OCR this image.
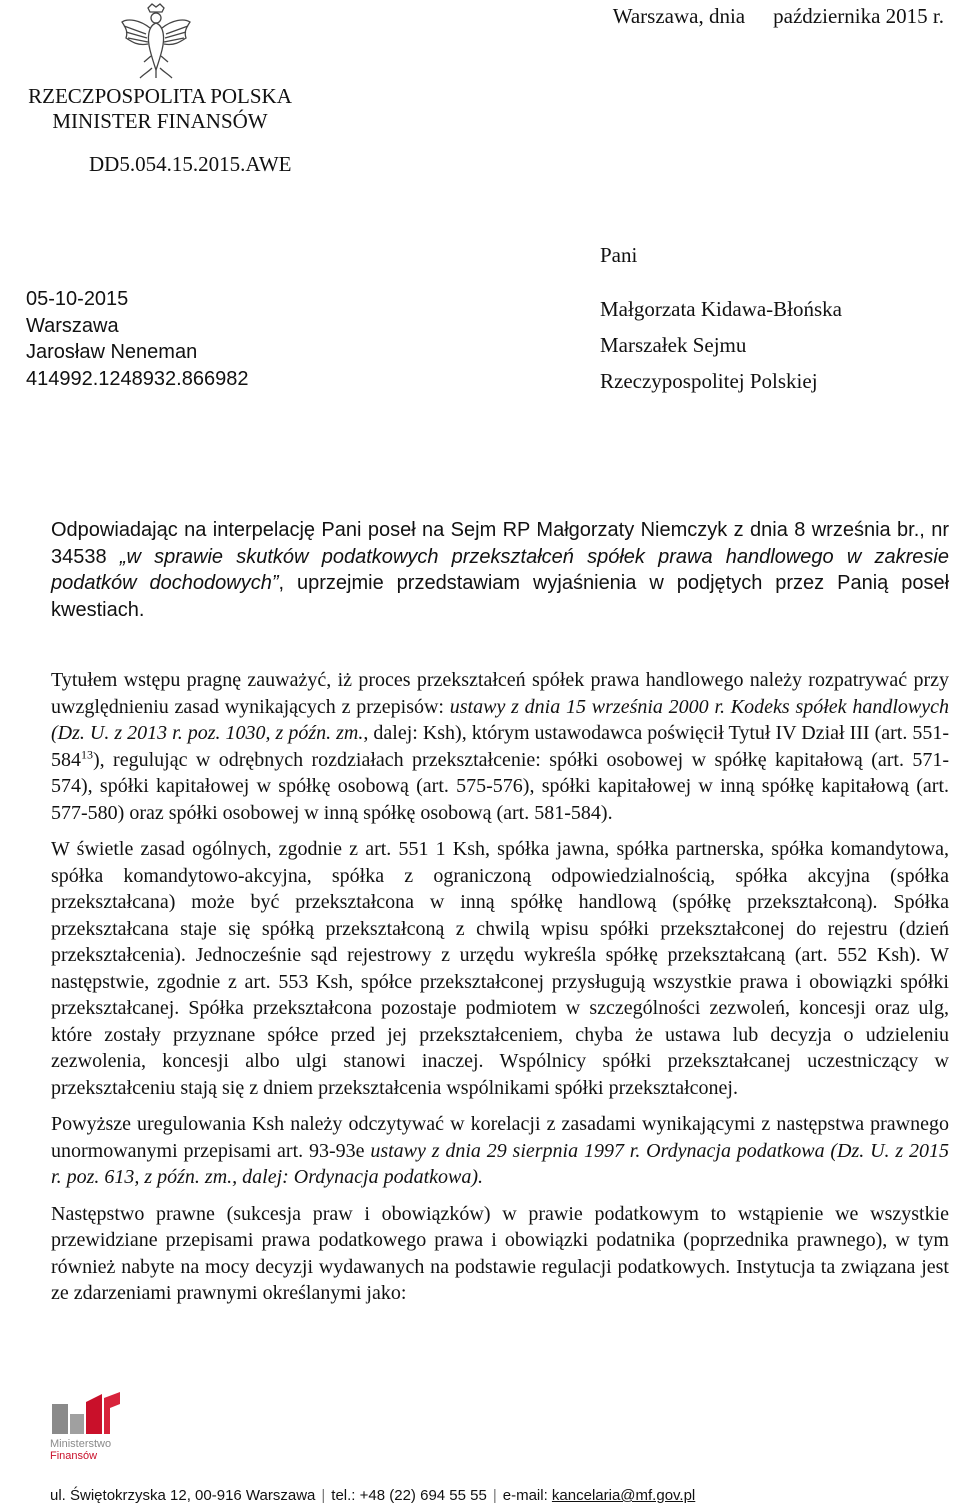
Warszawa, dnia października 2015 r.
RZECZPOSPOLITA POLSKA
MINISTER FINANSÓW
DD5.054.15.2015.AWE
05-10-2015
Warszawa
Jarosław Neneman
414992.1248932.866982
Pani
Małgorzata Kidawa-Błońska
Marszałek Sejmu
Rzeczypospolitej Polskiej

Odpowiadając na interpelację Pani poseł na Sejm RP Małgorzaty Niemczyk z dnia 8 września br., nr 34538 „w sprawie skutków podatkowych przekształceń spółek prawa handlowego w zakresie podatków dochodowych”, uprzejmie przedstawiam wyjaśnienia w podjętych przez Panią poseł kwestiach.

Tytułem wstępu pragnę zauważyć, iż proces przekształceń spółek prawa handlowego należy rozpatrywać przy uwzględnieniu zasad wynikających z przepisów: ustawy z dnia 15 września 2000 r. Kodeks spółek handlowych (Dz. U. z 2013 r. poz. 1030, z późn. zm., dalej: Ksh), którym ustawodawca poświęcił Tytuł IV Dział III (art. 551- $584^{13}$), regulując w odrębnych rozdziałach przekształcenie: spółki osobowej w spółkę kapitałową (art. 571-574), spółki kapitałowej w spółkę osobową (art. 575-576), spółki kapitałowej w inną spółkę kapitałową (art. 577-580) oraz spółki osobowej w inną spółkę osobową (art. 581-584).

W świetle zasad ogólnych, zgodnie z art. 551 1 Ksh, spółka jawna, spółka partnerska, spółka komandytowa, spółka komandytowo-akcyjna, spółka z ograniczoną odpowiedzialnością, spółka akcyjna (spółka przekształcana) może być przekształcona w inną spółkę handlową (spółkę przekształconą). Spółka przekształcana staje się spółką przekształconą z chwilą wpisu spółki przekształconej do rejestru (dzień przekształcenia). Jednocześnie sąd rejestrowy z urzędu wykreśla spółkę przekształcaną (art. 552 Ksh). W następstwie, zgodnie z art. 553 Ksh, spółce przekształconej przysługują wszystkie prawa i obowiązki spółki przekształcanej. Spółka przekształcona pozostaje podmiotem w szczególności zezwoleń, koncesji oraz ulg, które zostały przyznane spółce przed jej przekształceniem, chyba że ustawa lub decyzja o udzieleniu zezwolenia, koncesji albo ulgi stanowi inaczej. Wspólnicy spółki przekształcanej uczestniczący w przekształceniu stają się z dniem przekształcenia wspólnikami spółki przekształconej.

Powyższe uregulowania Ksh należy odczytywać w korelacji z zasadami wynikającymi z następstwa prawnego unormowanymi przepisami art. 93-93e ustawy z dnia 29 sierpnia 1997 r. Ordynacja podatkowa (Dz. U. z 2015 r. poz. 613, z późn. zm., dalej: Ordynacja podatkowa).

Następstwo prawne (sukcesja praw i obowiązków) w prawie podatkowym to wstąpienie we wszystkie przewidziane przepisami prawa podatkowego prawa i obowiązki podatnika (poprzednika prawnego), w tym również nabyte na mocy decyzji wydawanych na podstawie regulacji podatkowych. Instytucja ta związana jest ze zdarzeniami prawnymi określanymi jako:

Ministerstwo
Finansów
ul. Świętokrzyska 12, 00-916 Warszawa | tel.: +48 (22) 694 55 55 | e-mail: kancelaria@mf.gov.pl
